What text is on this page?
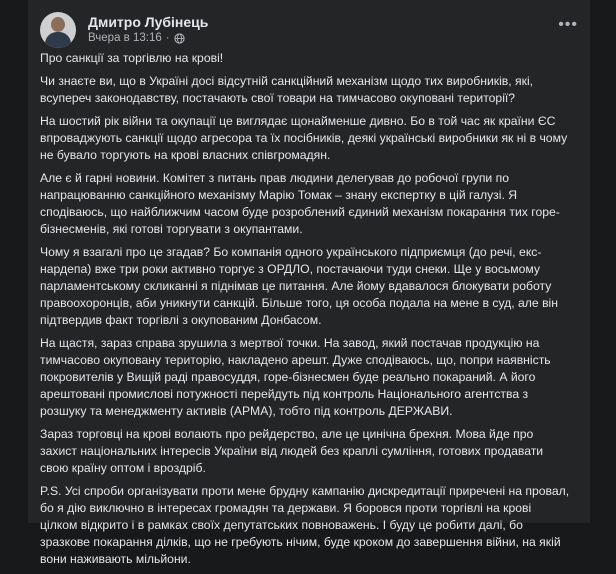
Дмитро Лубінець
Вчера в 13:16 ·
•••

Про санкції за торгівлю на крові!

Чи знаєте ви, що в Україні досі відсутній санкційний механізм щодо тих виробників, які, всупереч законодавству, постачають свої товари на тимчасово окуповані території?

На шостий рік війни та окупації це виглядає щонайменше дивно. Бо в той час як країни ЄС впроваджують санкції щодо агресора та їх посібників, деякі українські виробники як ні в чому не бувало торгують на крові власних співгромадян.

Але є й гарні новини. Комітет з питань прав людини делегував до робочої групи по напрацюванню санкційного механізму Марію Томак – знану експертку в цій галузі. Я сподіваюсь, що найближчим часом буде розроблений єдиний механізм покарання тих горе-бізнесменів, які готові торгувати з окупантами.

Чому я взагалі про це згадав? Бо компанія одного українського підприємця (до речі, екс-нардепа) вже три роки активно торгує з ОРДЛО, постачаючи туди снеки. Ще у восьмому парламентському скликанні я піднімав це питання. Але йому вдавалося блокувати роботу правоохоронців, аби уникнути санкцій. Більше того, ця особа подала на мене в суд, але він підтвердив факт торгівлі з окупованим Донбасом.

На щастя, зараз справа зрушила з мертвої точки. На завод, який постачав продукцію на тимчасово окуповану територію, накладено арешт. Дуже сподіваюсь, що, попри наявність покровителів у Вищій раді правосуддя, горе-бізнесмен буде реально покараний. А його арештовані промислові потужності перейдуть під контроль Національного агентства з розшуку та менеджменту активів (АРМА), тобто під контроль ДЕРЖАВИ.

Зараз торговці на крові волають про рейдерство, але це цинічна брехня. Мова йде про захист національних інтересів України від людей без краплі сумління, готових продавати свою країну оптом і вроздріб.

P.S. Усі спроби організувати проти мене брудну кампанію дискредитації приречені на провал, бо я дію виключно в інтересах громадян та держави. Я боровся проти торгівлі на крові цілком відкрито і в рамках своїх депутатських повноважень. І буду це робити далі, бо зразкове покарання ділків, що не гребують нічим, буде кроком до завершення війни, на якій вони наживають мільйони.
